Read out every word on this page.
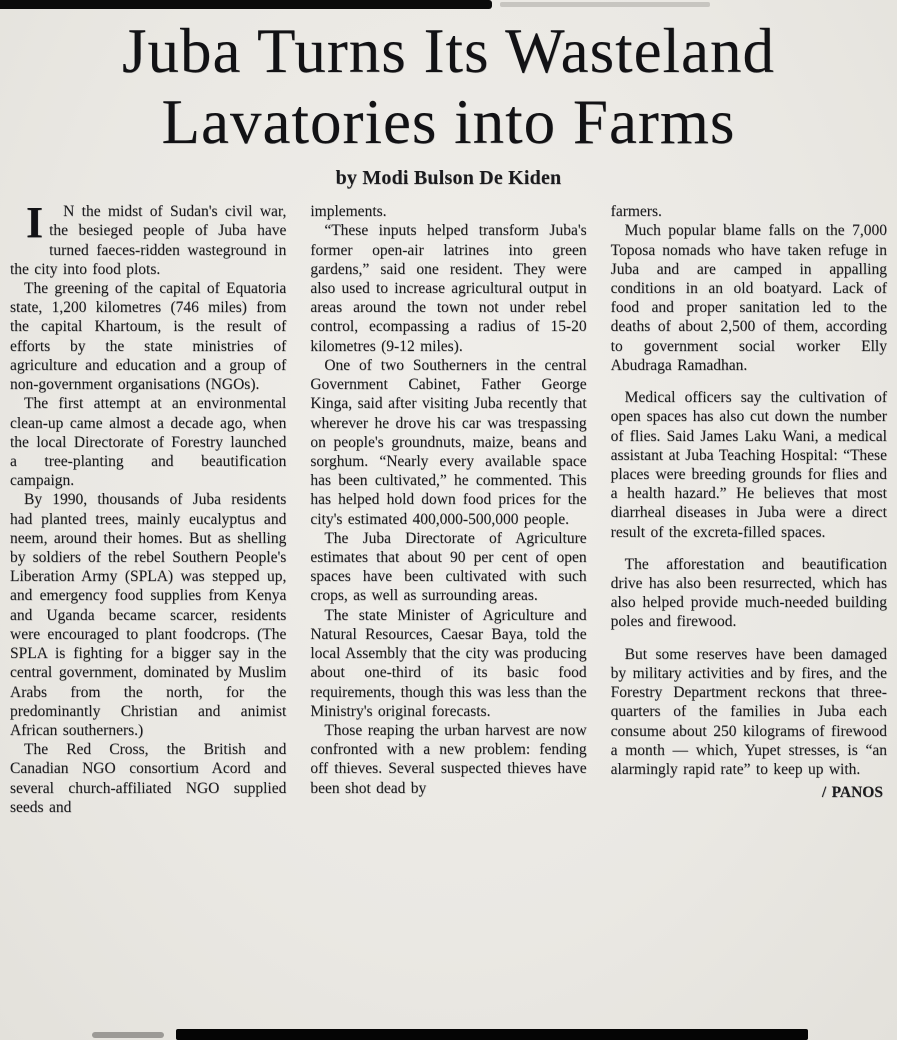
Juba Turns Its Wasteland
Lavatories into Farms
by Modi Bulson De Kiden

I	N the midst of Sudan's civil war, the besieged people of Juba have turned faeces-ridden wasteground in the city into food plots.

The greening of the capital of Equatoria state, 1,200 kilometres (746 miles) from the capital Khartoum, is the result of efforts by the state ministries of agriculture and education and a group of non-government organisations (NGOs).

The first attempt at an environmental clean-up came almost a decade ago, when the local Directorate of Forestry launched a tree-planting and beautification campaign.

By 1990, thousands of Juba residents had planted trees, mainly eucalyptus and neem, around their homes. But as shelling by soldiers of the rebel Southern People's Liberation Army (SPLA) was stepped up, and emergency food supplies from Kenya and Uganda became scarcer, residents were encouraged to plant foodcrops. (The SPLA is fighting for a bigger say in the central government, dominated by Muslim Arabs from the north, for the predominantly Christian and animist African southerners.)

The Red Cross, the British and Canadian NGO consortium Acord and several church-affiliated NGO supplied seeds and

implements.

“These inputs helped transform Juba's former open-air latrines into green gardens,” said one resident. They were also used to increase agricultural output in areas around the town not under rebel control, ecompassing a radius of 15-20 kilometres (9-12 miles).

One of two Southerners in the central Government Cabinet, Father George Kinga, said after visiting Juba recently that wherever he drove his car was trespassing on people's groundnuts, maize, beans and sorghum. “Nearly every available space has been cultivated,” he commented. This has helped hold down food prices for the city's estimated 400,000-500,000 people.

The Juba Directorate of Agriculture estimates that about 90 per cent of open spaces have been cultivated with such crops, as well as surrounding areas.

The state Minister of Agriculture and Natural Resources, Caesar Baya, told the local Assembly that the city was producing about one-third of its basic food requirements, though this was less than the Ministry's original forecasts.

Those reaping the urban harvest are now confronted with a new problem: fending off thieves. Several suspected thieves have been shot dead by

farmers.

Much popular blame falls on the 7,000 Toposa nomads who have taken refuge in Juba and are camped in appalling conditions in an old boatyard. Lack of food and proper sanitation led to the deaths of about 2,500 of them, according to government social worker Elly Abudraga Ramadhan.

Medical officers say the cultivation of open spaces has also cut down the number of flies. Said James Laku Wani, a medical assistant at Juba Teaching Hospital: “These places were breeding grounds for flies and a health hazard.” He believes that most diarrheal diseases in Juba were a direct result of the excreta-filled spaces.

The afforestation and beautification drive has also been resurrected, which has also helped provide much-needed building poles and firewood.

But some reserves have been damaged by military activities and by fires, and the Forestry Department reckons that three-quarters of the families in Juba each consume about 250 kilograms of firewood a month — which, Yupet stresses, is “an alarmingly rapid rate” to keep up with.

/ PANOS
